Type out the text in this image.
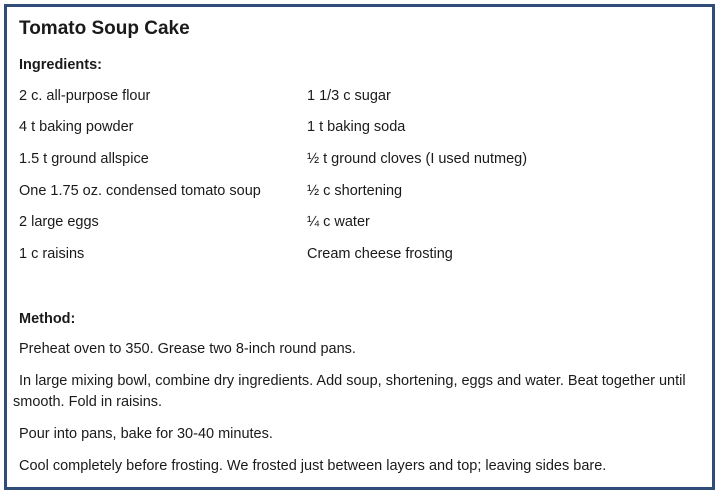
Tomato Soup Cake

Ingredients:

2 c. all-purpose flour	1 1/3 c sugar
4 t baking powder	1 t baking soda
1.5 t ground allspice	½ t ground cloves (I used nutmeg)
One 1.75 oz. condensed tomato soup	½ c shortening
2 large eggs	¼ c water
1 c raisins	Cream cheese frosting

Method:

Preheat oven to 350. Grease two 8-inch round pans.

In large mixing bowl, combine dry ingredients. Add soup, shortening, eggs and water. Beat together until smooth. Fold in raisins.

Pour into pans, bake for 30-40 minutes.

Cool completely before frosting. We frosted just between layers and top; leaving sides bare.
